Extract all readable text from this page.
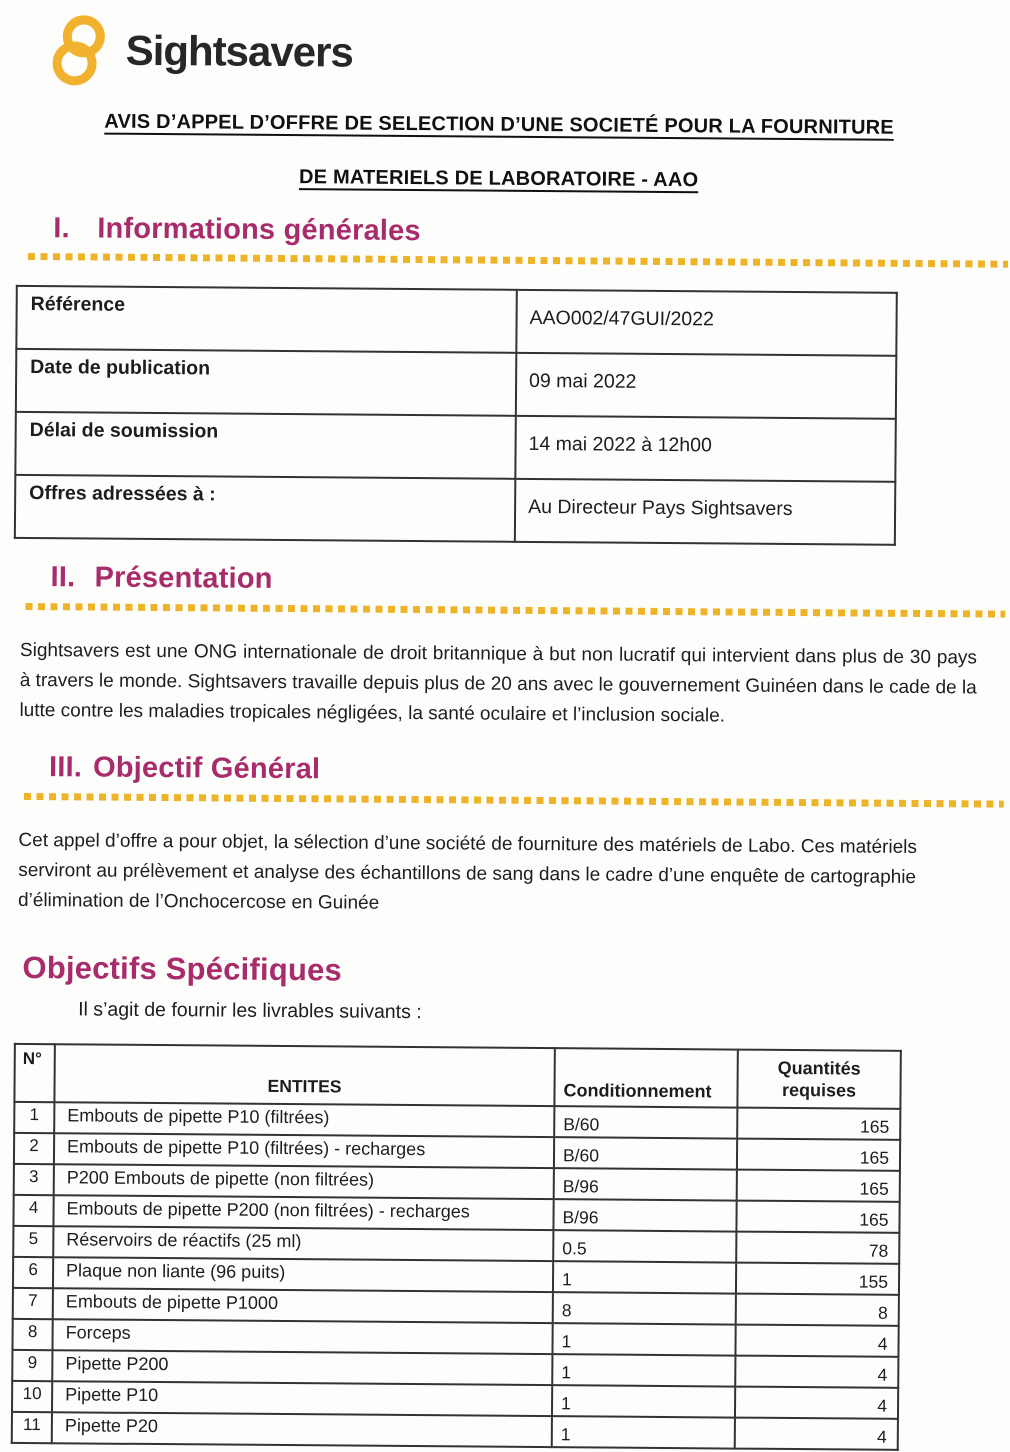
Sightsavers
AVIS D’APPEL D’OFFRE DE SELECTION D’UNE SOCIETÉ POUR LA FOURNITURE
DE MATERIELS DE LABORATOIRE - AAO
I. Informations générales
Référence	AAO002/47GUI/2022
Date de publication	09 mai 2022
Délai de soumission	14 mai 2022 à 12h00
Offres adressées à :	Au Directeur Pays Sightsavers
II. Présentation

Sightsavers est une ONG internationale de droit britannique à but non lucratif qui intervient dans plus de 30 pays à travers le monde. Sightsavers travaille depuis plus de 20 ans avec le gouvernement Guinéen dans le cade de la lutte contre les maladies tropicales négligées, la santé oculaire et l’inclusion sociale.

III. Objectif Général

Cet appel d’offre a pour objet, la sélection d’une société de fourniture des matériels de Labo. Ces matériels serviront au prélèvement et analyse des échantillons de sang dans le cadre d’une enquête de cartographie d’élimination de l’Onchocercose en Guinée

Objectifs Spécifiques
Il s’agit de fournir les livrables suivants :
N°	ENTITES	Conditionnement	Quantités
requises

1	Embouts de pipette P10 (filtrées)	B/60	165
2	Embouts de pipette P10 (filtrées) - recharges	B/60	165
3	P200 Embouts de pipette (non filtrées)	B/96	165
4	Embouts de pipette P200 (non filtrées) - recharges	B/96	165
5	Réservoirs de réactifs (25 ml)	0.5	78
6	Plaque non liante (96 puits)	1	155
7	Embouts de pipette P1000	8	8
8	Forceps	1	4
9	Pipette P200	1	4
10	Pipette P10	1	4
11	Pipette P20	1	4
